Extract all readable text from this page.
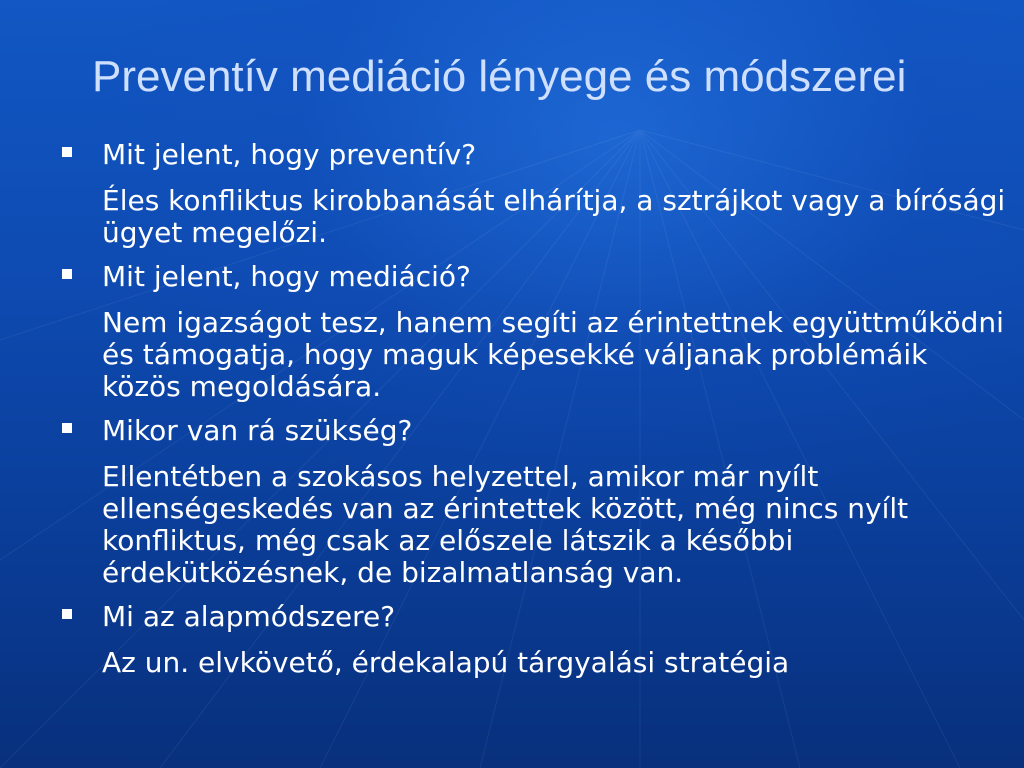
Preventív mediáció lényege és módszerei
Mit jelent, hogy preventív?
Éles konfliktus kirobbanását elhárítja, a sztrájkot vagy a bírósági ügyet megelőzi.
Mit jelent, hogy mediáció?
Nem igazságot tesz, hanem segíti az érintettnek együttműködni és támogatja, hogy maguk képesekké váljanak problémáik közös megoldására.
Mikor van rá szükség?
Ellentétben a szokásos helyzettel, amikor már nyílt ellenségeskedés van az érintettek között, még nincs nyílt konfliktus, még csak az előszele látszik a későbbi érdekütközésnek, de bizalmatlanság van.
Mi az alapmódszere?
Az un. elvkövető, érdekalapú tárgyalási stratégia
